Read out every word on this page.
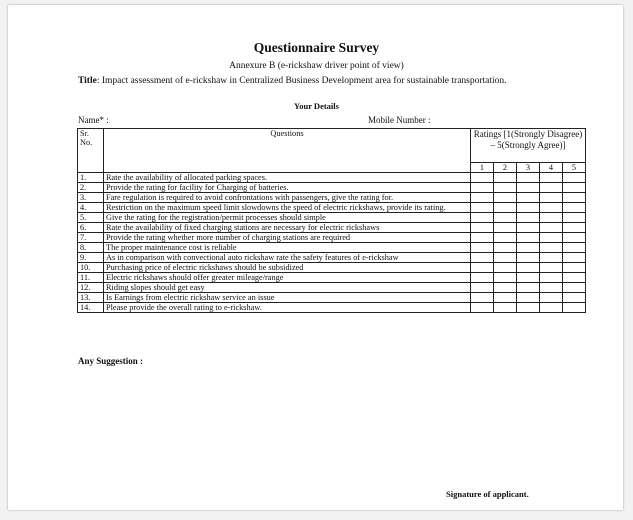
Questionnaire Survey
Annexure B (e-rickshaw driver point of view)
Title: Impact assessment of e-rickshaw in Centralized Business Development area for sustainable transportation.
Your Details
Name* :	Mobile Number :
Sr. No.	Questions	Ratings [1(Strongly Disagree) – 5(Strongly Agree)]				
		1	2	3	4	5
1.	Rate the availability of allocated parking spaces.					
2.	Provide the rating for facility for Charging of batteries.					
3.	Fare regulation is required to avoid confrontations with passengers, give the rating for.					
4.	Restriction on the maximum speed limit slowdowns the speed of electric rickshaws, provide its rating.					
5.	Give the rating for the registration/permit processes should simple					
6.	Rate the availability of fixed charging stations are necessary for electric rickshaws					
7.	Provide the rating whether more number of charging stations are required					
8.	The proper maintenance cost is reliable					
9.	As in comparison with convectional auto rickshaw rate the safety features of e-rickshaw					
10.	Purchasing price of electric rickshaws should be subsidized					
11.	Electric rickshaws should offer greater mileage/range					
12.	Riding slopes should get easy					
13.	Is Earnings from electric rickshaw service an issue					
14.	Please provide the overall rating to e-rickshaw.					
Any Suggestion :
Signature of applicant.
